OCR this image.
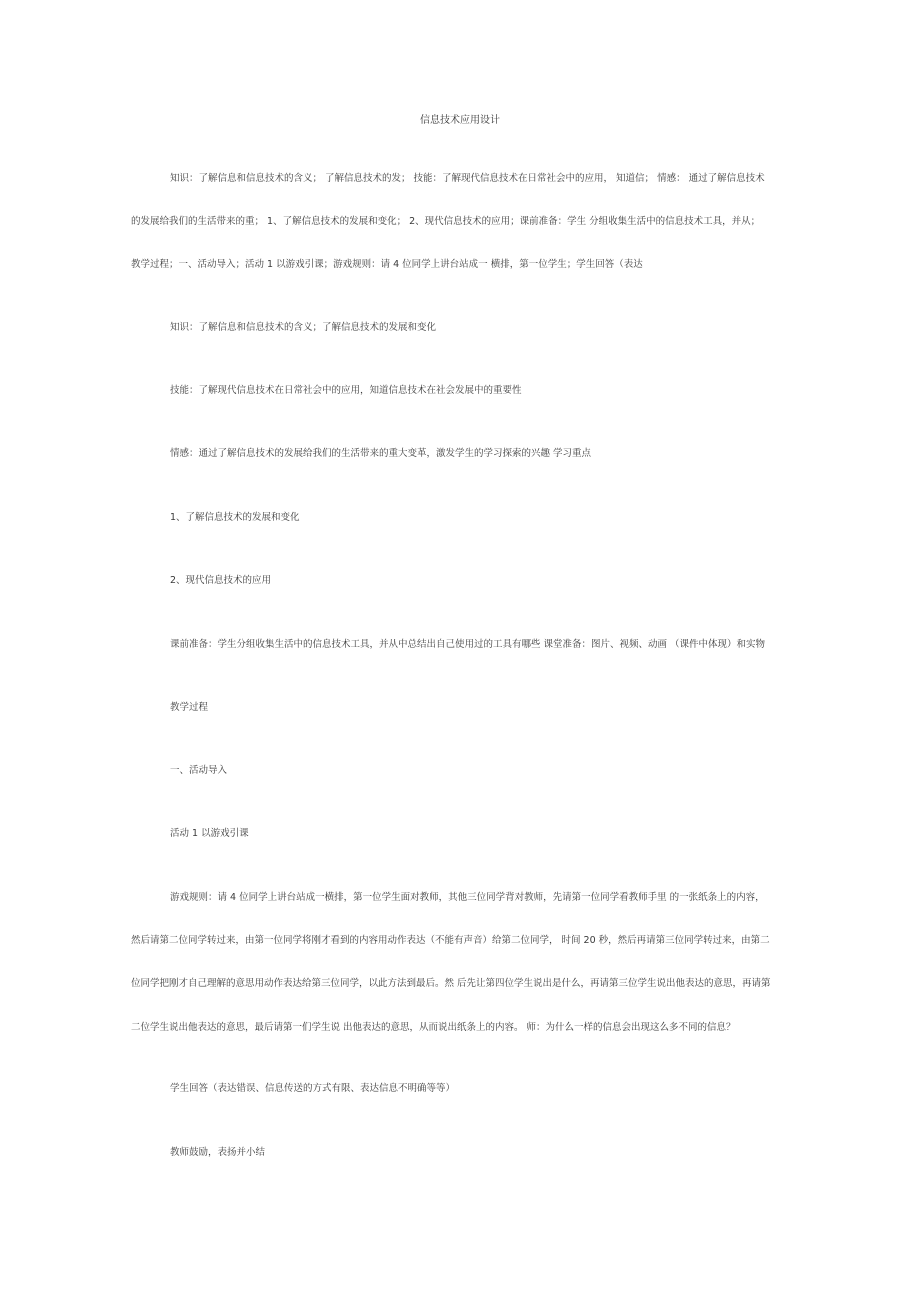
信息技术应用设计
知识：了解信息和信息技术的含义； 了解信息技术的发； 技能：了解现代信息技术在日常社会中的应用， 知道信； 情感： 通过了解信息技术
的发展给我们的生活带来的重； 1、了解信息技术的发展和变化； 2、现代信息技术的应用；课前准备：学生 分组收集生活中的信息技术工具，并从；
教学过程；一、活动导入；活动 1 以游戏引课；游戏规则：请 4 位同学上讲台站成一 横排，第一位学生；学生回答（表达
知识：了解信息和信息技术的含义；了解信息技术的发展和变化
技能：了解现代信息技术在日常社会中的应用，知道信息技术在社会发展中的重要性
情感：通过了解信息技术的发展给我们的生活带来的重大变革，激发学生的学习探索的兴趣 学习重点
1、了解信息技术的发展和变化
2、现代信息技术的应用
课前准备：学生分组收集生活中的信息技术工具，并从中总结出自己使用过的工具有哪些 课堂准备：图片、视频、动画 （课件中体现）和实物
教学过程
一、活动导入
活动 1 以游戏引课
游戏规则：请 4 位同学上讲台站成一横排，第一位学生面对教师，其他三位同学背对教师，先请第一位同学看教师手里 的一张纸条上的内容，
然后请第二位同学转过来，由第一位同学将刚才看到的内容用动作表达（不能有声音）给第二位同学， 时间 20 秒，然后再请第三位同学转过来，由第二
位同学把刚才自己理解的意思用动作表达给第三位同学，以此方法到最后。然 后先让第四位学生说出是什么，再请第三位学生说出他表达的意思，再请第
二位学生说出他表达的意思，最后请第一们学生说 出他表达的意思，从而说出纸条上的内容。 师：为什么一样的信息会出现这么多不同的信息？
学生回答（表达错误、信息传送的方式有限、表达信息不明确等等）
教师鼓励，表扬并小结
